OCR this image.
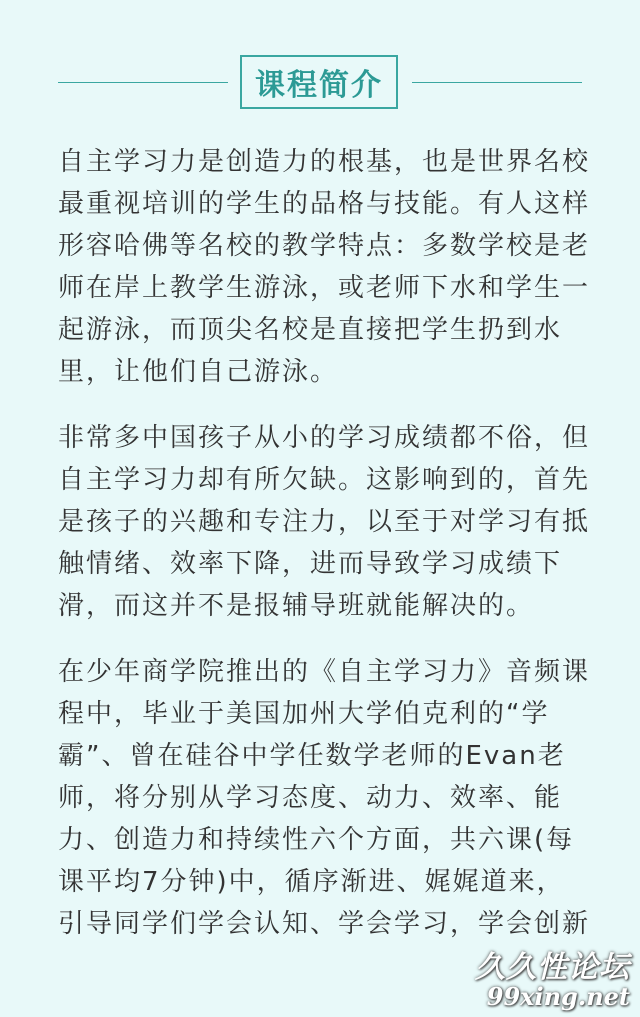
课程简介

自主学习力是创造力的根基，也是世界名校最重视培训的学生的品格与技能。有人这样形容哈佛等名校的教学特点：多数学校是老师在岸上教学生游泳，或老师下水和学生一起游泳，而顶尖名校是直接把学生扔到水里，让他们自己游泳。

非常多中国孩子从小的学习成绩都不俗，但自主学习力却有所欠缺。这影响到的，首先是孩子的兴趣和专注力，以至于对学习有抵触情绪、效率下降，进而导致学习成绩下滑，而这并不是报辅导班就能解决的。

在少年商学院推出的《自主学习力》音频课程中，毕业于美国加州大学伯克利的“学霸”、曾在硅谷中学任数学老师的Evan老师，将分别从学习态度、动力、效率、能力、创造力和持续性六个方面，共六课(每课平均7分钟)中，循序渐进、娓娓道来，引导同学们学会认知、学会学习，学会创新

久久性论坛
99xing.net
